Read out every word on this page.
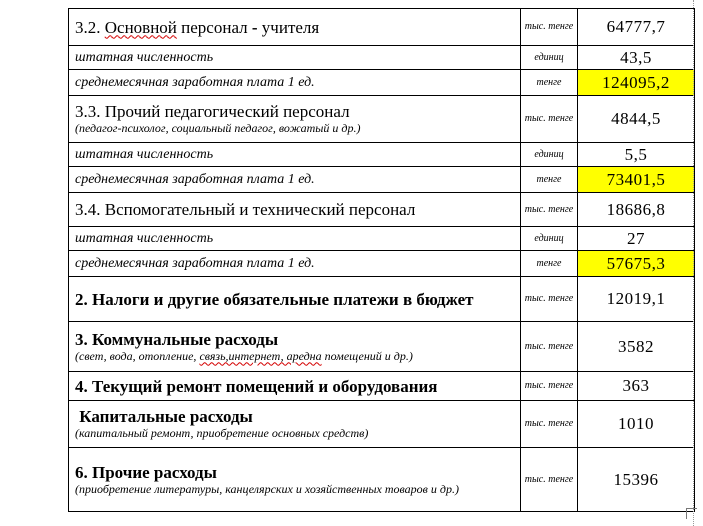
3.2. Основной персонал - учителя	тыс. тенге	64777,7
штатная численность	единиц	43,5
среднемесячная заработная плата 1 ед.	тенге	124095,2

3.3. Прочий педагогический персонал
(педагог-психолог, социальный педагог, вожатый и др.)	тыс. тенге	4844,5
штатная численность	единиц	5,5
среднемесячная заработная плата 1 ед.	тенге	73401,5
3.4. Вспомогательный и технический персонал	тыс. тенге	18686,8
штатная численность	единиц	27
среднемесячная заработная плата 1 ед.	тенге	57675,3
2. Налоги и другие обязательные платежи в бюджет	тыс. тенге	12019,1

3. Коммунальные расходы
(свет, вода, отопление, связь,интернет, аредна помещений и др.)	тыс. тенге	3582
4. Текущий ремонт помещений и оборудования	тыс. тенге	363

Капитальные расходы
(капитальный ремонт, приобретение основных средств)	тыс. тенге	1010

6. Прочие расходы
(приобретение литературы, канцелярских и хозяйственных товаров и др.)	тыс. тенге	15396
